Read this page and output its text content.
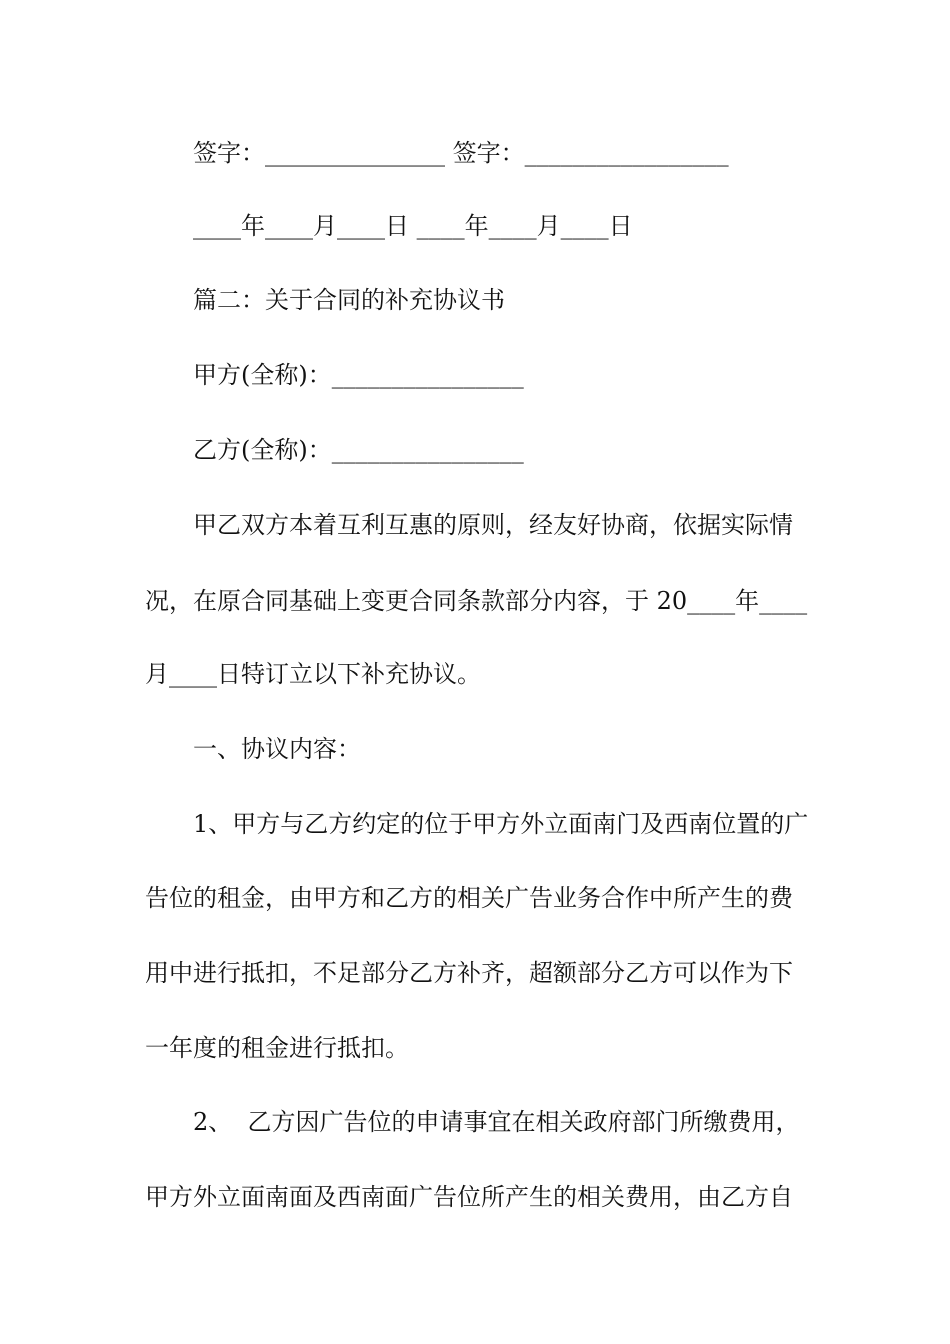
签字：_______________ 签字：_________________
____年____月____日 ____年____月____日
篇二：关于合同的补充协议书
甲方(全称)：________________
乙方(全称)：________________
甲乙双方本着互利互惠的原则，经友好协商，依据实际情
况，在原合同基础上变更合同条款部分内容，于 20____年____
月____日特订立以下补充协议。
一、协议内容：
1、甲方与乙方约定的位于甲方外立面南门及西南位置的广
告位的租金，由甲方和乙方的相关广告业务合作中所产生的费
用中进行抵扣，不足部分乙方补齐，超额部分乙方可以作为下
一年度的租金进行抵扣。
2、  乙方因广告位的申请事宜在相关政府部门所缴费用，
甲方外立面南面及西南面广告位所产生的相关费用，由乙方自
